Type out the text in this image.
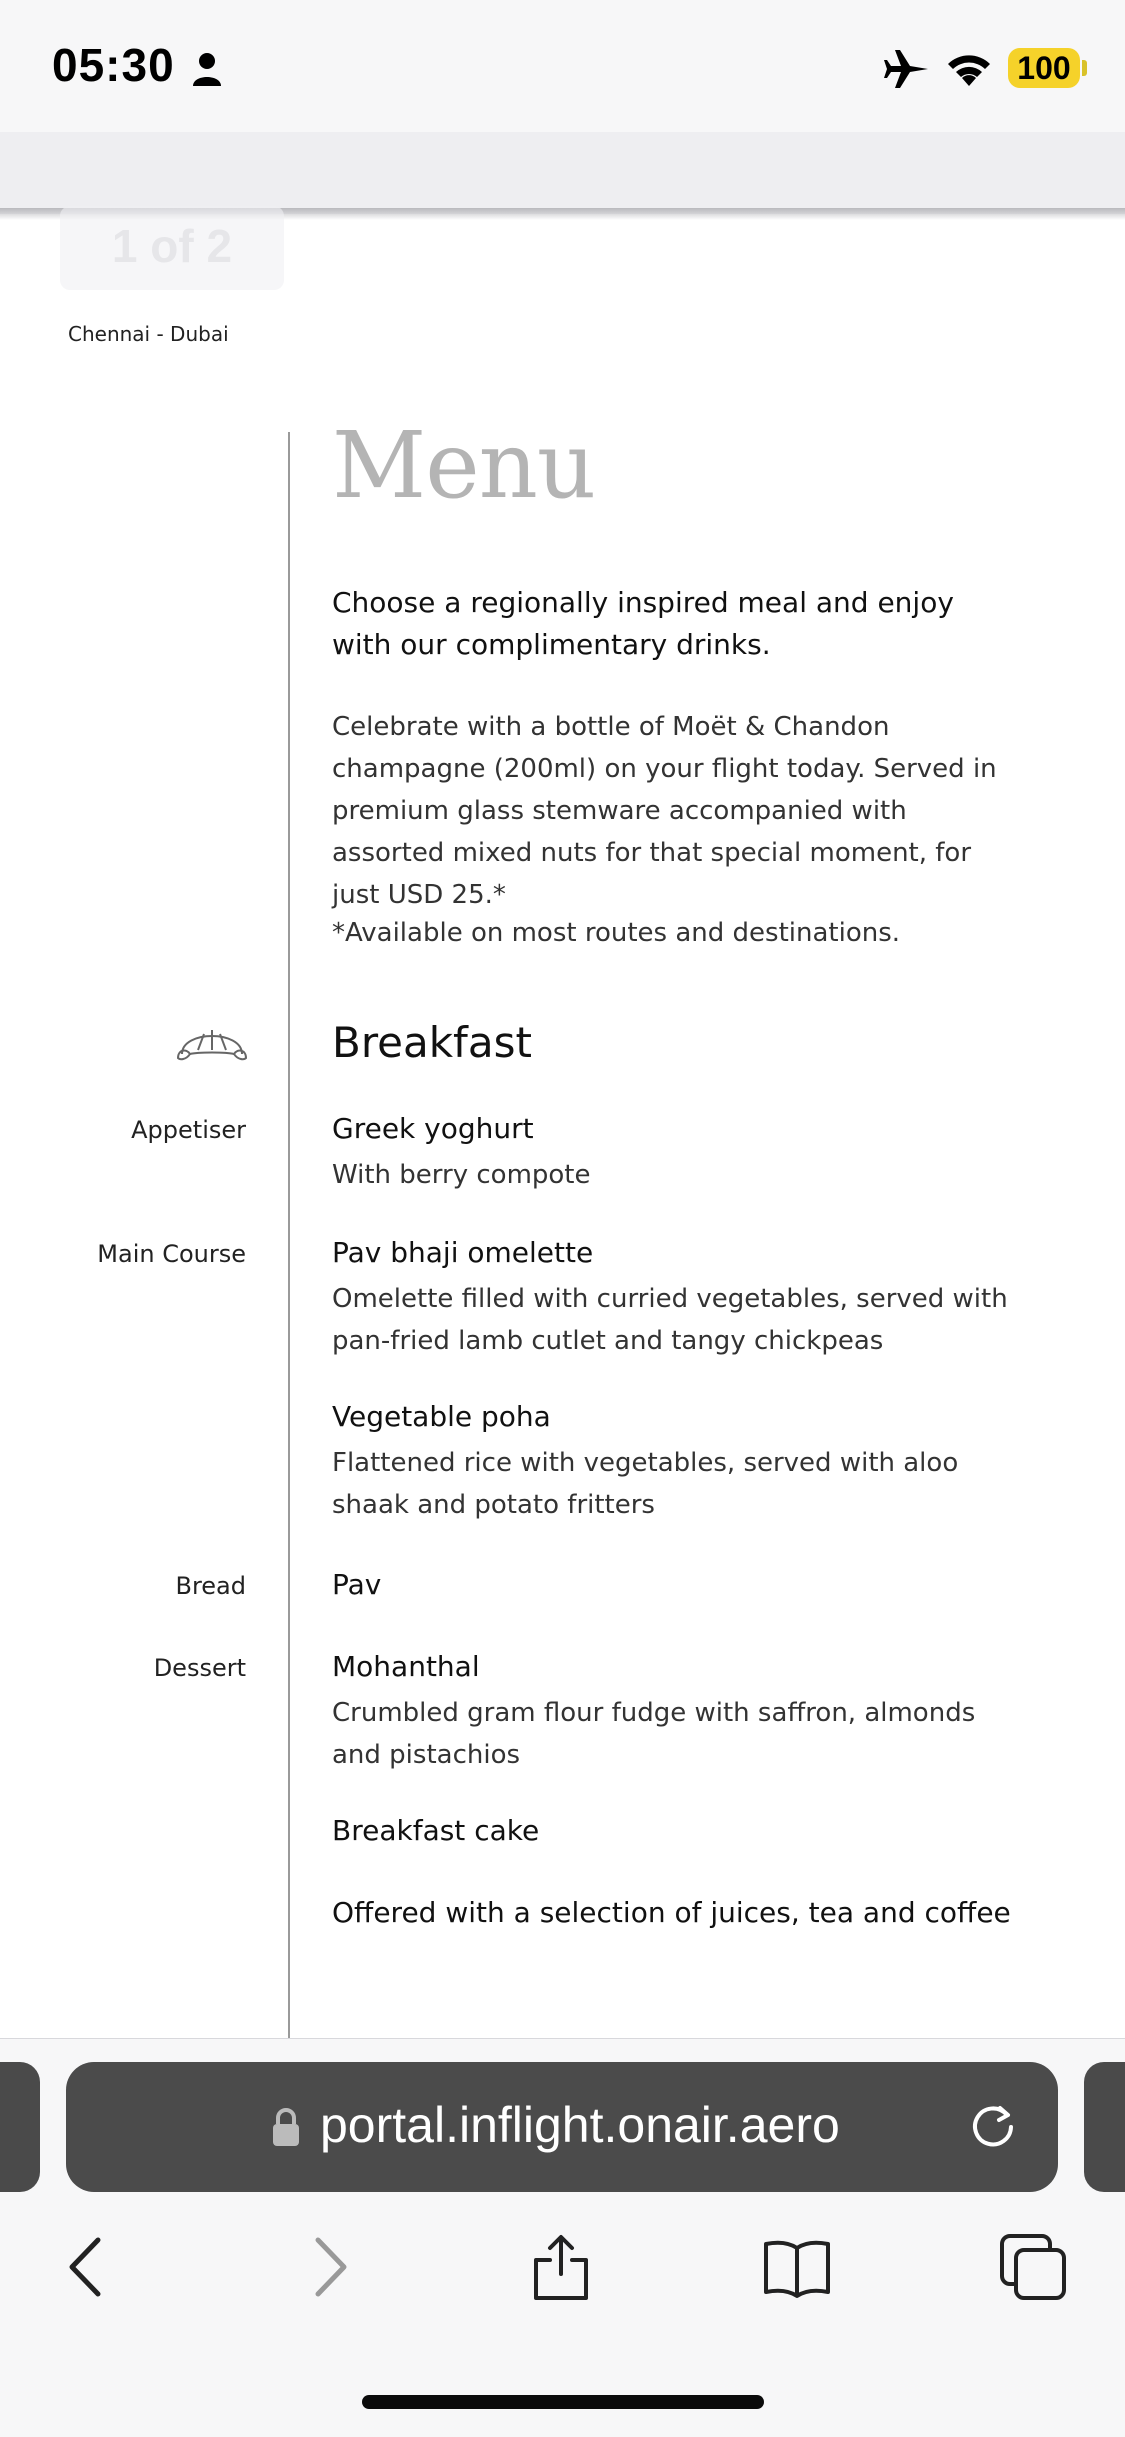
05:30	100
1 of 2
Chennai - Dubai
Menu
Choose a regionally inspired meal and enjoy with our complimentary drinks.
Celebrate with a bottle of Moët & Chandon champagne (200ml) on your flight today. Served in premium glass stemware accompanied with assorted mixed nuts for that special moment, for just USD 25.*
*Available on most routes and destinations.
Breakfast
Appetiser	Greek yoghurt
With berry compote
Main Course	Pav bhaji omelette
Omelette filled with curried vegetables, served with pan-fried lamb cutlet and tangy chickpeas
Vegetable poha
Flattened rice with vegetables, served with aloo shaak and potato fritters
Bread	Pav
Dessert	Mohanthal
Crumbled gram flour fudge with saffron, almonds and pistachios
Breakfast cake
Offered with a selection of juices, tea and coffee
portal.inflight.onair.aero
